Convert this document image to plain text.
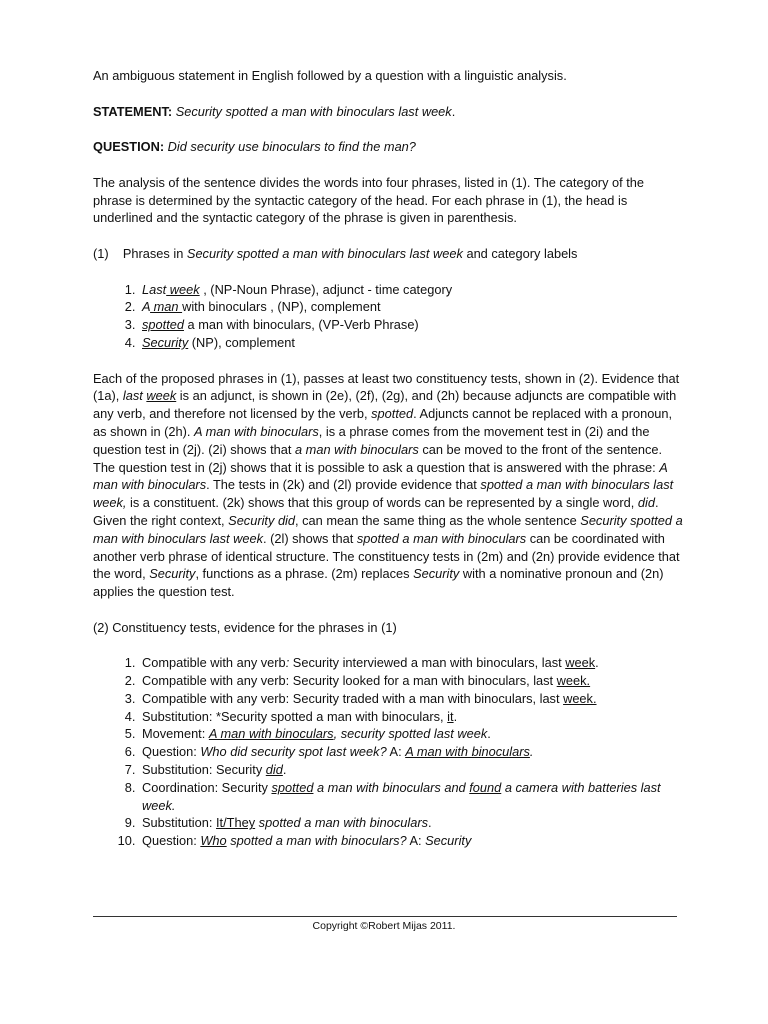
An ambiguous statement in English followed by a question with a linguistic analysis.

STATEMENT: Security spotted a man with binoculars last week.

QUESTION: Did security use binoculars to find the man?

The analysis of the sentence divides the words into four phrases, listed in (1). The category of the phrase is determined by the syntactic category of the head. For each phrase in (1), the head is underlined and the syntactic category of the phrase is given in parenthesis.

(1) Phrases in Security spotted a man with binoculars last week and category labels

1. Last week , (NP-Noun Phrase), adjunct - time category
2. A man with binoculars , (NP), complement
3. spotted a man with binoculars, (VP-Verb Phrase)
4. Security (NP), complement

Each of the proposed phrases in (1), passes at least two constituency tests, shown in (2). Evidence that (1a), last week is an adjunct, is shown in (2e), (2f), (2g), and (2h) because adjuncts are compatible with any verb, and therefore not licensed by the verb, spotted. Adjuncts cannot be replaced with a pronoun, as shown in (2h). A man with binoculars, is a phrase comes from the movement test in (2i) and the question test in (2j). (2i) shows that a man with binoculars can be moved to the front of the sentence. The question test in (2j) shows that it is possible to ask a question that is answered with the phrase: A man with binoculars. The tests in (2k) and (2l) provide evidence that spotted a man with binoculars last week, is a constituent. (2k) shows that this group of words can be represented by a single word, did. Given the right context, Security did, can mean the same thing as the whole sentence Security spotted a man with binoculars last week. (2l) shows that spotted a man with binoculars can be coordinated with another verb phrase of identical structure. The constituency tests in (2m) and (2n) provide evidence that the word, Security, functions as a phrase. (2m) replaces Security with a nominative pronoun and (2n) applies the question test.

(2) Constituency tests, evidence for the phrases in (1)

1. Compatible with any verb: Security interviewed a man with binoculars, last week.
2. Compatible with any verb: Security looked for a man with binoculars, last week.
3. Compatible with any verb: Security traded with a man with binoculars, last week.
4. Substitution: *Security spotted a man with binoculars, it.
5. Movement: A man with binoculars, security spotted last week.
6. Question: Who did security spot last week? A: A man with binoculars.
7. Substitution: Security did.
8. Coordination: Security spotted a man with binoculars and found a camera with batteries last week.
9. Substitution: It/They spotted a man with binoculars.
10. Question: Who spotted a man with binoculars? A: Security
Copyright ©Robert Mijas 2011.
